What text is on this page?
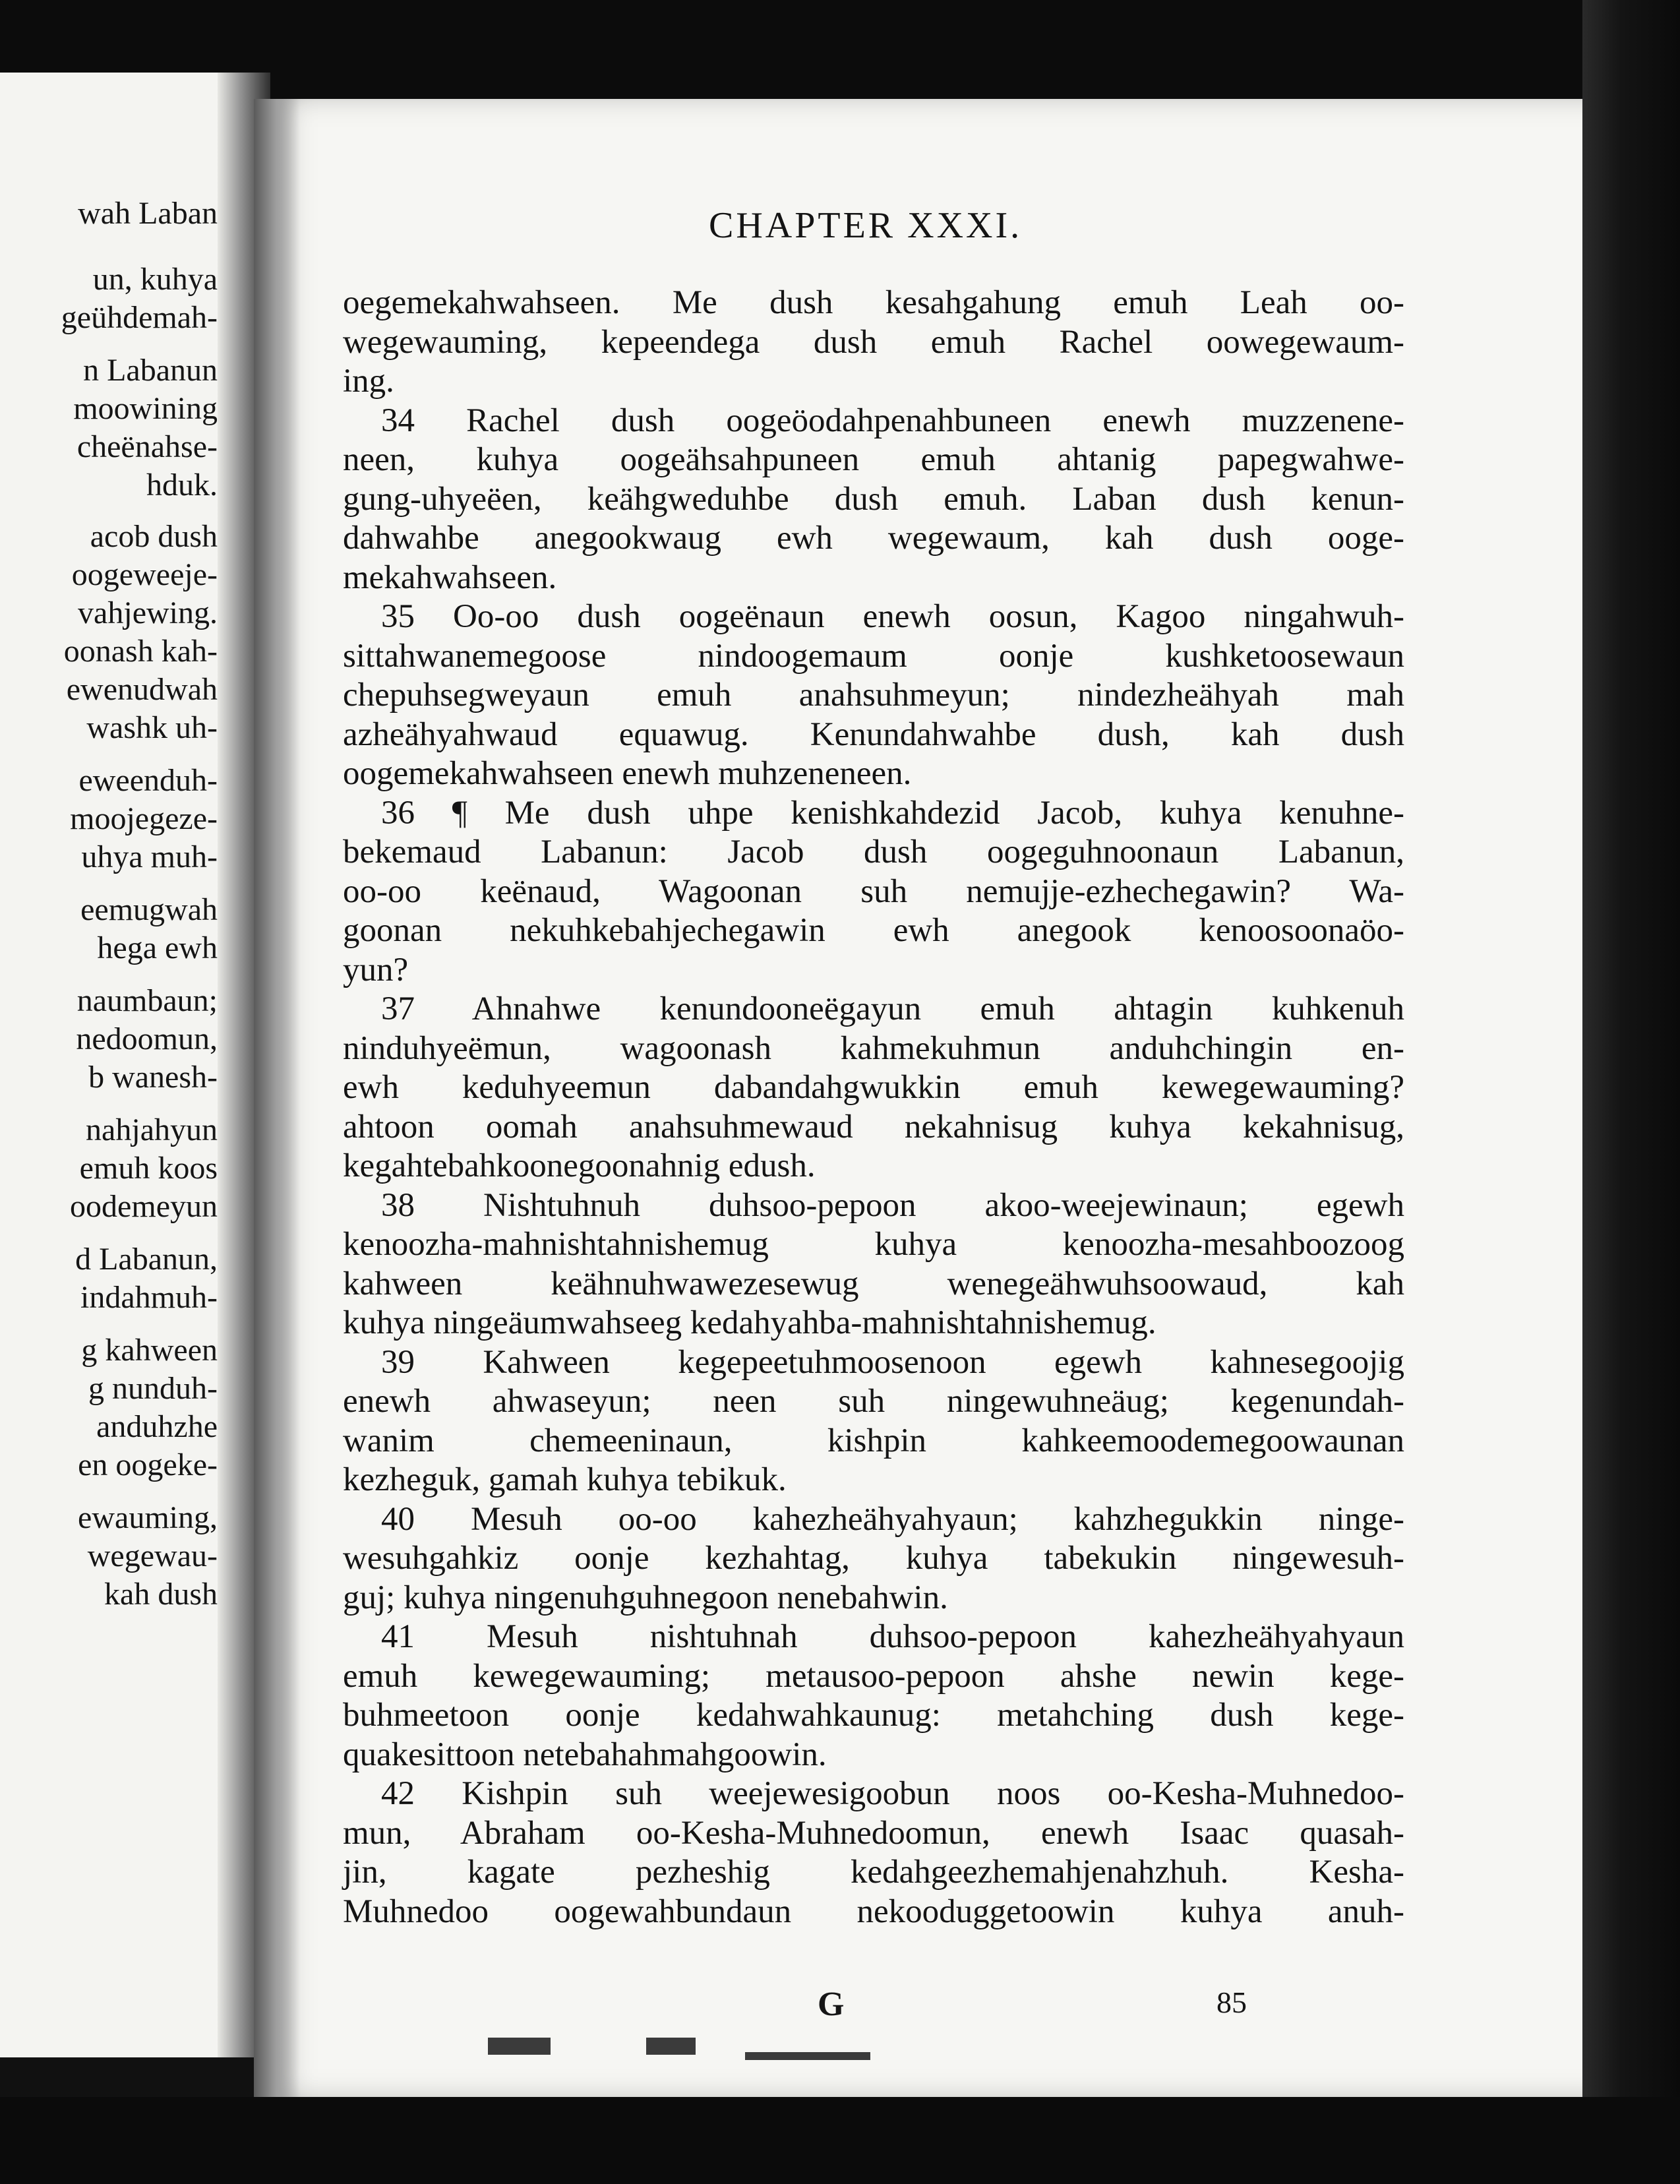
wah Laban
un, kuhya
geühdemah-
n Labanun
moowining
cheënahse-
hduk.
acob dush
oogeweeje-
vahjewing.
oonash kah-
ewenudwah
washk uh-
eweenduh-
moojegeze-
uhya muh-
eemugwah
hega ewh
naumbaun;
nedoomun,
b wanesh-
nahjahyun
emuh koos
oodemeyun
d Labanun,
indahmuh-
g kahween
g nunduh-
anduhzhe
en oogeke-
ewauming,
wegewau-
kah dush
CHAPTER XXXI.
oegemekahwahseen. Me dush kesahgahung emuh Leah oo-
wegewauming, kepeendega dush emuh Rachel oowegewaum-
ing.
34 Rachel dush oogeöodahpenahbuneen enewh muzzenene-
neen, kuhya oogeähsahpuneen emuh ahtanig papegwahwe-
gung-uhyeëen, keähgweduhbe dush emuh. Laban dush kenun-
dahwahbe anegookwaug ewh wegewaum, kah dush ooge-
mekahwahseen.
35 Oo-oo dush oogeënaun enewh oosun, Kagoo ningahwuh-
sittahwanemegoose nindoogemaum oonje kushketoosewaun
chepuhsegweyaun emuh anahsuhmeyun; nindezheähyah mah
azheähyahwaud equawug. Kenundahwahbe dush, kah dush
oogemekahwahseen enewh muhzeneneen.
36 ¶ Me dush uhpe kenishkahdezid Jacob, kuhya kenuhne-
bekemaud Labanun: Jacob dush oogeguhnoonaun Labanun,
oo-oo keënaud, Wagoonan suh nemujje-ezhechegawin? Wa-
goonan nekuhkebahjechegawin ewh anegook kenoosoonaöo-
yun?
37 Ahnahwe kenundooneëgayun emuh ahtagin kuhkenuh
ninduhyeëmun, wagoonash kahmekuhmun anduhchingin en-
ewh keduhyeemun dabandahgwukkin emuh kewegewauming?
ahtoon oomah anahsuhmewaud nekahnisug kuhya kekahnisug,
kegahtebahkoonegoonahnig edush.
38 Nishtuhnuh duhsoo-pepoon akoo-weejewinaun; egewh
kenoozha-mahnishtahnishemug kuhya kenoozha-mesahboozoog
kahween keähnuhwawezesewug wenegeähwuhsoowaud, kah
kuhya ningeäumwahseeg kedahyahba-mahnishtahnishemug.
39 Kahween kegepeetuhmoosenoon egewh kahnesegoojig
enewh ahwaseyun; neen suh ningewuhneäug; kegenundah-
wanim chemeeninaun, kishpin kahkeemoodemegoowaunan
kezheguk, gamah kuhya tebikuk.
40 Mesuh oo-oo kahezheähyahyaun; kahzhegukkin ninge-
wesuhgahkiz oonje kezhahtag, kuhya tabekukin ningewesuh-
guj; kuhya ningenuhguhnegoon nenebahwin.
41 Mesuh nishtuhnah duhsoo-pepoon kahezheähyahyaun
emuh kewegewauming; metausoo-pepoon ahshe newin kege-
buhmeetoon oonje kedahwahkaunug: metahching dush kege-
quakesittoon netebahahmahgoowin.
42 Kishpin suh weejewesigoobun noos oo-Kesha-Muhnedoo-
mun, Abraham oo-Kesha-Muhnedoomun, enewh Isaac quasah-
jin, kagate pezheshig kedahgeezhemahjenahzhuh. Kesha-
Muhnedoo oogewahbundaun nekooduggetoowin kuhya anuh-
G	85
